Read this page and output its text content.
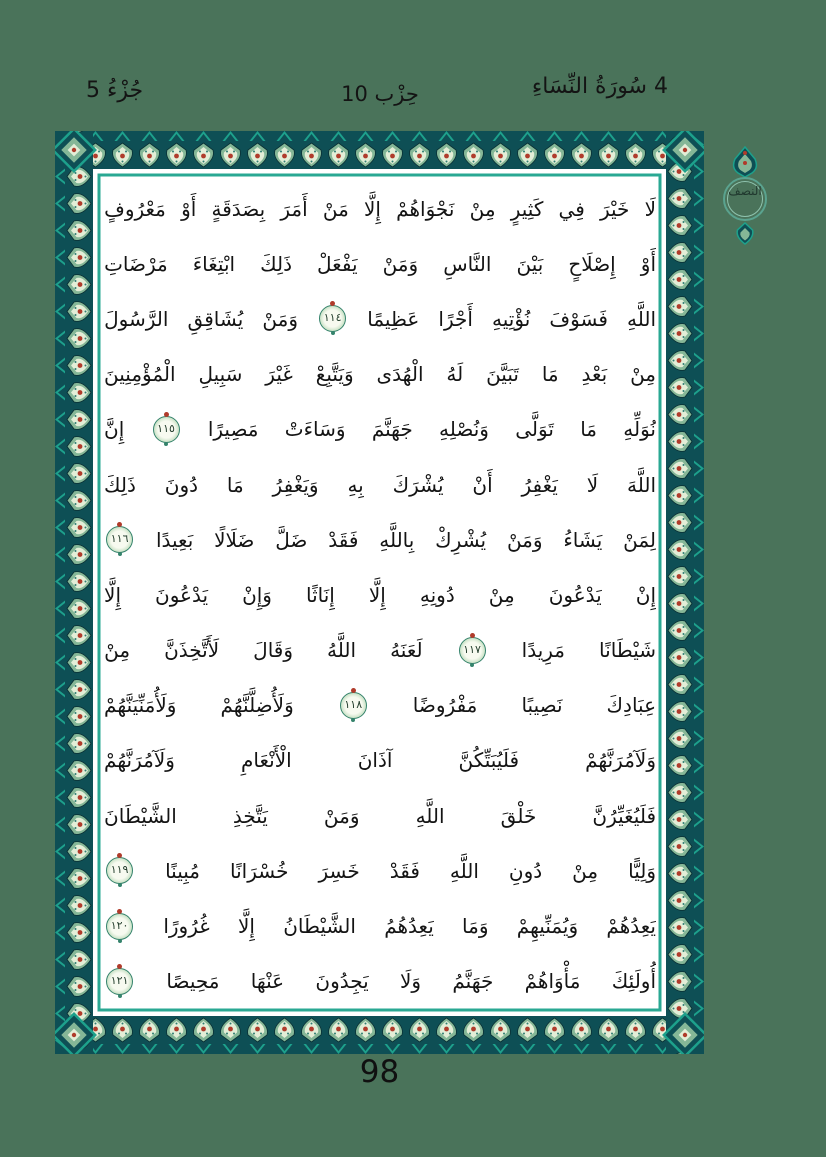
جُزْءُ 5	حِزْب 10	4 سُورَةُ النِّسَاءِ
النصف
لَا
خَيْرَ
فِي
كَثِيرٍ
مِنْ
نَجْوَاهُمْ
إِلَّا
مَنْ
أَمَرَ
بِصَدَقَةٍ
أَوْ
مَعْرُوفٍ
أَوْ
إِصْلَاحٍ
بَيْنَ
النَّاسِ
وَمَنْ
يَفْعَلْ
ذَلِكَ
ابْتِغَاءَ
مَرْضَاتِ
اللَّهِ
فَسَوْفَ
نُؤْتِيهِ
أَجْرًا
عَظِيمًا
١١٤
وَمَنْ
يُشَاقِقِ
الرَّسُولَ
مِنْ
بَعْدِ
مَا
تَبَيَّنَ
لَهُ
الْهُدَى
وَيَتَّبِعْ
غَيْرَ
سَبِيلِ
الْمُؤْمِنِينَ
نُوَلِّهِ
مَا
تَوَلَّى
وَنُصْلِهِ
جَهَنَّمَ
وَسَاءَتْ
مَصِيرًا
١١٥
إِنَّ
اللَّهَ
لَا
يَغْفِرُ
أَنْ
يُشْرَكَ
بِهِ
وَيَغْفِرُ
مَا
دُونَ
ذَلِكَ
لِمَنْ
يَشَاءُ
وَمَنْ
يُشْرِكْ
بِاللَّهِ
فَقَدْ
ضَلَّ
ضَلَالًا
بَعِيدًا
١١٦
إِنْ
يَدْعُونَ
مِنْ
دُونِهِ
إِلَّا
إِنَاثًا
وَإِنْ
يَدْعُونَ
إِلَّا
شَيْطَانًا
مَرِيدًا
١١٧
لَعَنَهُ
اللَّهُ
وَقَالَ
لَأَتَّخِذَنَّ
مِنْ
عِبَادِكَ
نَصِيبًا
مَفْرُوضًا
١١٨
وَلَأُضِلَّنَّهُمْ
وَلَأُمَنِّيَنَّهُمْ
وَلَآمُرَنَّهُمْ
فَلَيُبَتِّكُنَّ
آذَانَ
الْأَنْعَامِ
وَلَآمُرَنَّهُمْ
فَلَيُغَيِّرُنَّ
خَلْقَ
اللَّهِ
وَمَنْ
يَتَّخِذِ
الشَّيْطَانَ
وَلِيًّا
مِنْ
دُونِ
اللَّهِ
فَقَدْ
خَسِرَ
خُسْرَانًا
مُبِينًا
١١٩
يَعِدُهُمْ
وَيُمَنِّيهِمْ
وَمَا
يَعِدُهُمُ
الشَّيْطَانُ
إِلَّا
غُرُورًا
١٢٠
أُولَئِكَ
مَأْوَاهُمْ
جَهَنَّمُ
وَلَا
يَجِدُونَ
عَنْهَا
مَحِيصًا
١٢١
98
